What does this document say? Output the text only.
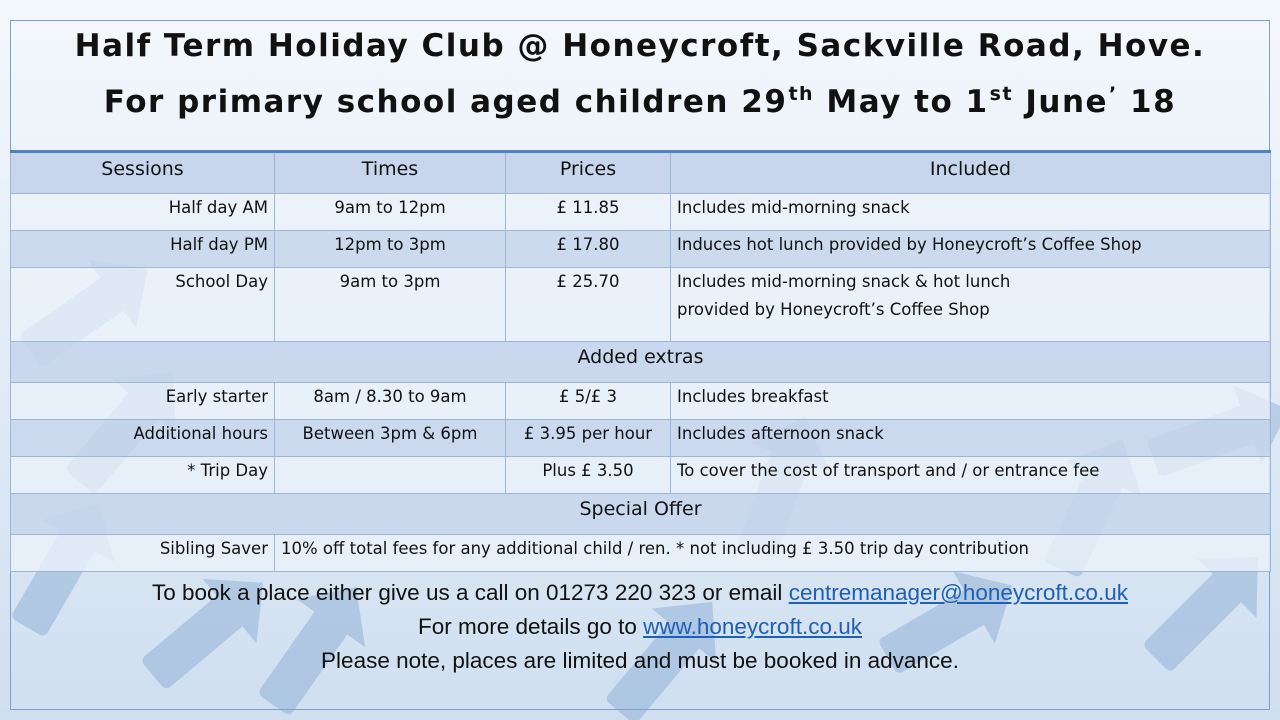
Half Term Holiday Club @ Honeycroft, Sackville Road, Hove.
For primary school aged children 29th May to 1st June’ 18
Sessions	Times	Prices	Included
Half day AM	9am to 12pm	£ 11.85	Includes mid-morning snack
Half day PM	12pm to 3pm	£ 17.80	Induces hot lunch provided by Honeycroft’s Coffee Shop
School Day	9am to 3pm	£ 25.70	Includes mid-morning snack & hot lunch
provided by Honeycroft’s Coffee Shop

Added extras			
Early starter	8am / 8.30 to 9am	£ 5/£ 3	Includes breakfast
Additional hours	Between 3pm & 6pm	£ 3.95 per hour	Includes afternoon snack
* Trip Day		Plus £ 3.50	To cover the cost of transport and / or entrance fee
Special Offer			
Sibling Saver	10% off total fees for any additional child / ren. * not including £ 3.50 trip day contribution		
To book a place either give us a call on 01273 220 323 or email centremanager@honeycroft.co.uk
For more details go to www.honeycroft.co.uk
Please note, places are limited and must be booked in advance.
